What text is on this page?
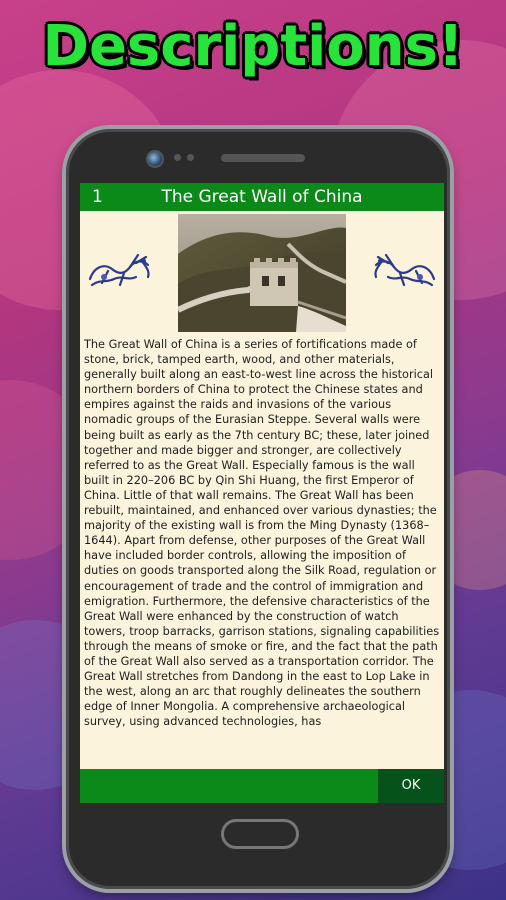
Descriptions!
1	The Great Wall of China
The Great Wall of China is a series of fortifications made of stone, brick, tamped earth, wood, and other materials, generally built along an east-to-west line across the historical northern borders of China to protect the Chinese states and empires against the raids and invasions of the various nomadic groups of the Eurasian Steppe. Several walls were being built as early as the 7th century BC; these, later joined together and made bigger and stronger, are collectively referred to as the Great Wall. Especially famous is the wall built in 220–206 BC by Qin Shi Huang, the first Emperor of China. Little of that wall remains. The Great Wall has been rebuilt, maintained, and enhanced over various dynasties; the majority of the existing wall is from the Ming Dynasty (1368–1644). Apart from defense, other purposes of the Great Wall have included border controls, allowing the imposition of duties on goods transported along the Silk Road, regulation or encouragement of trade and the control of immigration and emigration. Furthermore, the defensive characteristics of the Great Wall were enhanced by the construction of watch towers, troop barracks, garrison stations, signaling capabilities through the means of smoke or fire, and the fact that the path of the Great Wall also served as a transportation corridor. The Great Wall stretches from Dandong in the east to Lop Lake in the west, along an arc that roughly delineates the southern edge of Inner Mongolia. A comprehensive archaeological survey, using advanced technologies, has
OK
